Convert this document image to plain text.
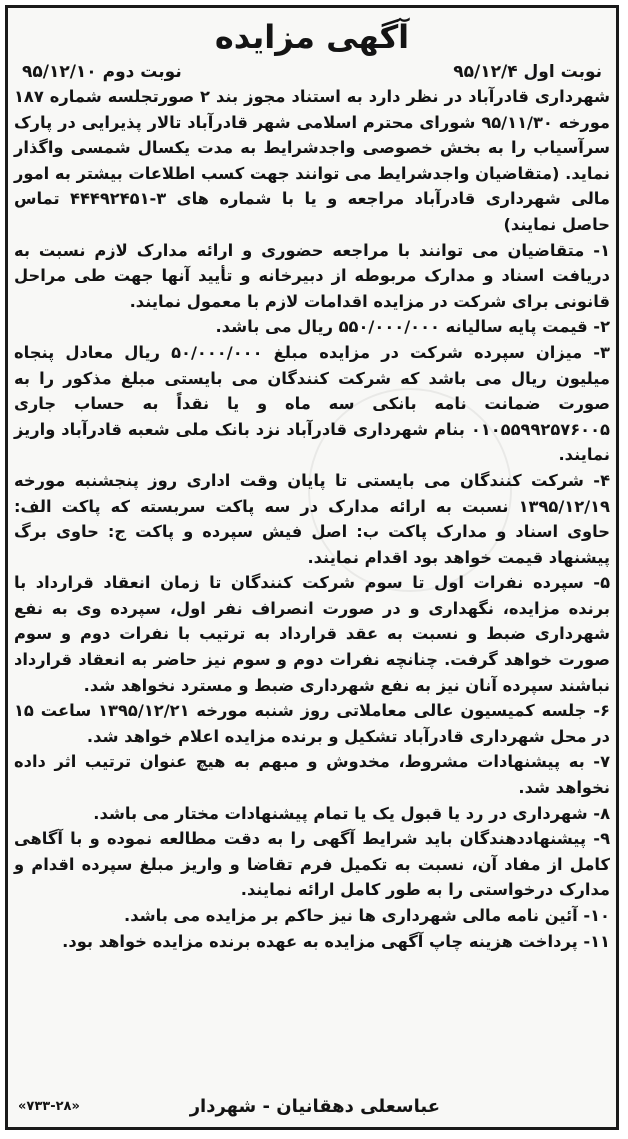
آگهی مزایده
نوبت اول ۹۵/۱۲/۴
نوبت دوم ۹۵/۱۲/۱۰

شهرداری قادرآباد در نظر دارد به استناد مجوز بند ۲ صورتجلسه شماره ۱۸۷ مورخه ۹۵/۱۱/۳۰ شورای محترم اسلامی شهر قادرآباد تالار پذیرایی در پارک سرآسیاب را به بخش خصوصی واجدشرایط به مدت یکسال شمسی واگذار نماید. (متقاضیان واجدشرایط می توانند جهت کسب اطلاعات بیشتر به امور مالی شهرداری قادرآباد مراجعه و یا با شماره های ۳-۴۴۴۹۲۴۵۱ تماس حاصل نمایند)

۱- متقاضیان می توانند با مراجعه حضوری و ارائه مدارک لازم نسبت به دریافت اسناد و مدارک مربوطه از دبیرخانه و تأیید آنها جهت طی مراحل قانونی برای شرکت در مزایده اقدامات لازم با معمول نمایند.

۲- قیمت پایه سالیانه ۵۵۰/۰۰۰/۰۰۰ ریال می باشد.

۳- میزان سپرده شرکت در مزایده مبلغ ۵۰/۰۰۰/۰۰۰ ریال معادل پنجاه میلیون ریال می باشد که شرکت کنندگان می بایستی مبلغ مذکور را به صورت ضمانت نامه بانکی سه ماه و یا نقداً به حساب جاری ۰۱۰۵۵۹۹۲۵۷۶۰۰۵ بنام شهرداری قادرآباد نزد بانک ملی شعبه قادرآباد واریز نمایند.

۴- شرکت کنندگان می بایستی تا پایان وقت اداری روز پنجشنبه مورخه ۱۳۹۵/۱۲/۱۹ نسبت به ارائه مدارک در سه پاکت سربسته که پاکت الف: حاوی اسناد و مدارک پاکت ب: اصل فیش سپرده و پاکت ج: حاوی برگ پیشنهاد قیمت خواهد بود اقدام نمایند.

۵- سپرده نفرات اول تا سوم شرکت کنندگان تا زمان انعقاد قرارداد با برنده مزایده، نگهداری و در صورت انصراف نفر اول، سپرده وی به نفع شهرداری ضبط و نسبت به عقد قرارداد به ترتیب با نفرات دوم و سوم صورت خواهد گرفت. چنانچه نفرات دوم و سوم نیز حاضر به انعقاد قرارداد نباشند سپرده آنان نیز به نفع شهرداری ضبط و مسترد نخواهد شد.

۶- جلسه کمیسیون عالی معاملاتی روز شنبه مورخه ۱۳۹۵/۱۲/۲۱ ساعت ۱۵ در محل شهرداری قادرآباد تشکیل و برنده مزایده اعلام خواهد شد.

۷- به پیشنهادات مشروط، مخدوش و مبهم به هیچ عنوان ترتیب اثر داده نخواهد شد.

۸- شهرداری در رد یا قبول یک یا تمام پیشنهادات مختار می باشد.

۹- پیشنهاددهندگان باید شرایط آگهی را به دقت مطالعه نموده و با آگاهی کامل از مفاد آن، نسبت به تکمیل فرم تقاضا و واریز مبلغ سپرده اقدام و مدارک درخواستی را به طور کامل ارائه نمایند.

۱۰- آئین نامه مالی شهرداری ها نیز حاکم بر مزایده می باشد.

۱۱- پرداخت هزینه چاپ آگهی مزایده به عهده برنده مزایده خواهد بود.

عباسعلی دهقانیان - شهردار
«۷۳۳-۲۸»
